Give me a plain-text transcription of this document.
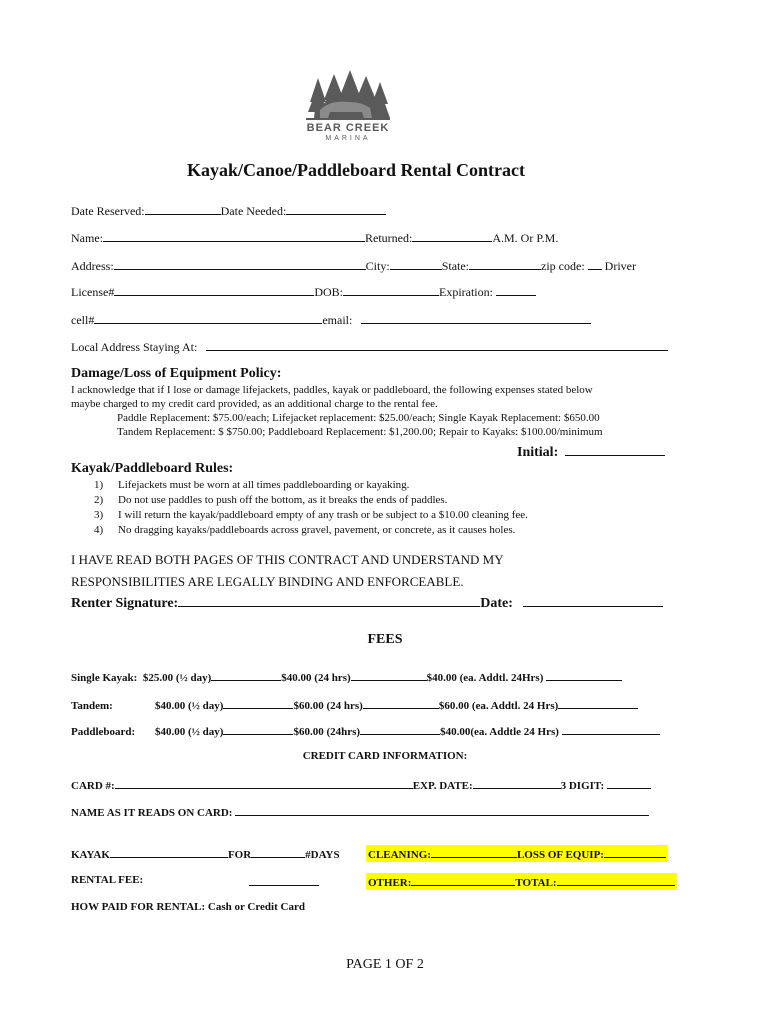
BEAR CREEK
MARINA
Kayak/Canoe/Paddleboard Rental Contract
Date Reserved:	Date Needed:
Name:	Returned:	A.M. Or P.M.
Address:	City:	State:	zip code: Driver
License#	DOB:	Expiration:
cell#	email:
Local Address Staying At:
Damage/Loss of Equipment Policy:
I acknowledge that if I lose or damage lifejackets, paddles, kayak or paddleboard, the following expenses stated below
maybe charged to my credit card provided, as an additional charge to the rental fee.
Paddle Replacement: $75.00/each; Lifejacket replacement: $25.00/each; Single Kayak Replacement: $650.00
Tandem Replacement: $ $750.00; Paddleboard Replacement: $1,200.00; Repair to Kayaks: $100.00/minimum
Initial:
Kayak/Paddleboard Rules:
1) Lifejackets must be worn at all times paddleboarding or kayaking.
2) Do not use paddles to push off the bottom, as it breaks the ends of paddles.
3) I will return the kayak/paddleboard empty of any trash or be subject to a $10.00 cleaning fee.
4) No dragging kayaks/paddleboards across gravel, pavement, or concrete, as it causes holes.
I HAVE READ BOTH PAGES OF THIS CONTRACT AND UNDERSTAND MY
RESPONSIBILITIES ARE LEGALLY BINDING AND ENFORCEABLE.
Renter Signature:	Date:
FEES
Single Kayak: $25.00 (½ day)	$40.00 (24 hrs)	$40.00 (ea. Addtl. 24Hrs)
Tandem:	$40.00 (½ day)	$60.00 (24 hrs)	$60.00 (ea. Addtl. 24 Hrs)
Paddleboard: $40.00 (½ day)	$60.00 (24hrs)	$40.00(ea. Addtle 24 Hrs)
CREDIT CARD INFORMATION:
CARD #:	EXP. DATE:	3 DIGIT:
NAME AS IT READS ON CARD:
KAYAK	FOR	#DAYS	CLEANING:	LOSS OF EQUIP:
RENTAL FEE:	OTHER:	TOTAL:
HOW PAID FOR RENTAL: Cash or Credit Card
PAGE 1 OF 2
